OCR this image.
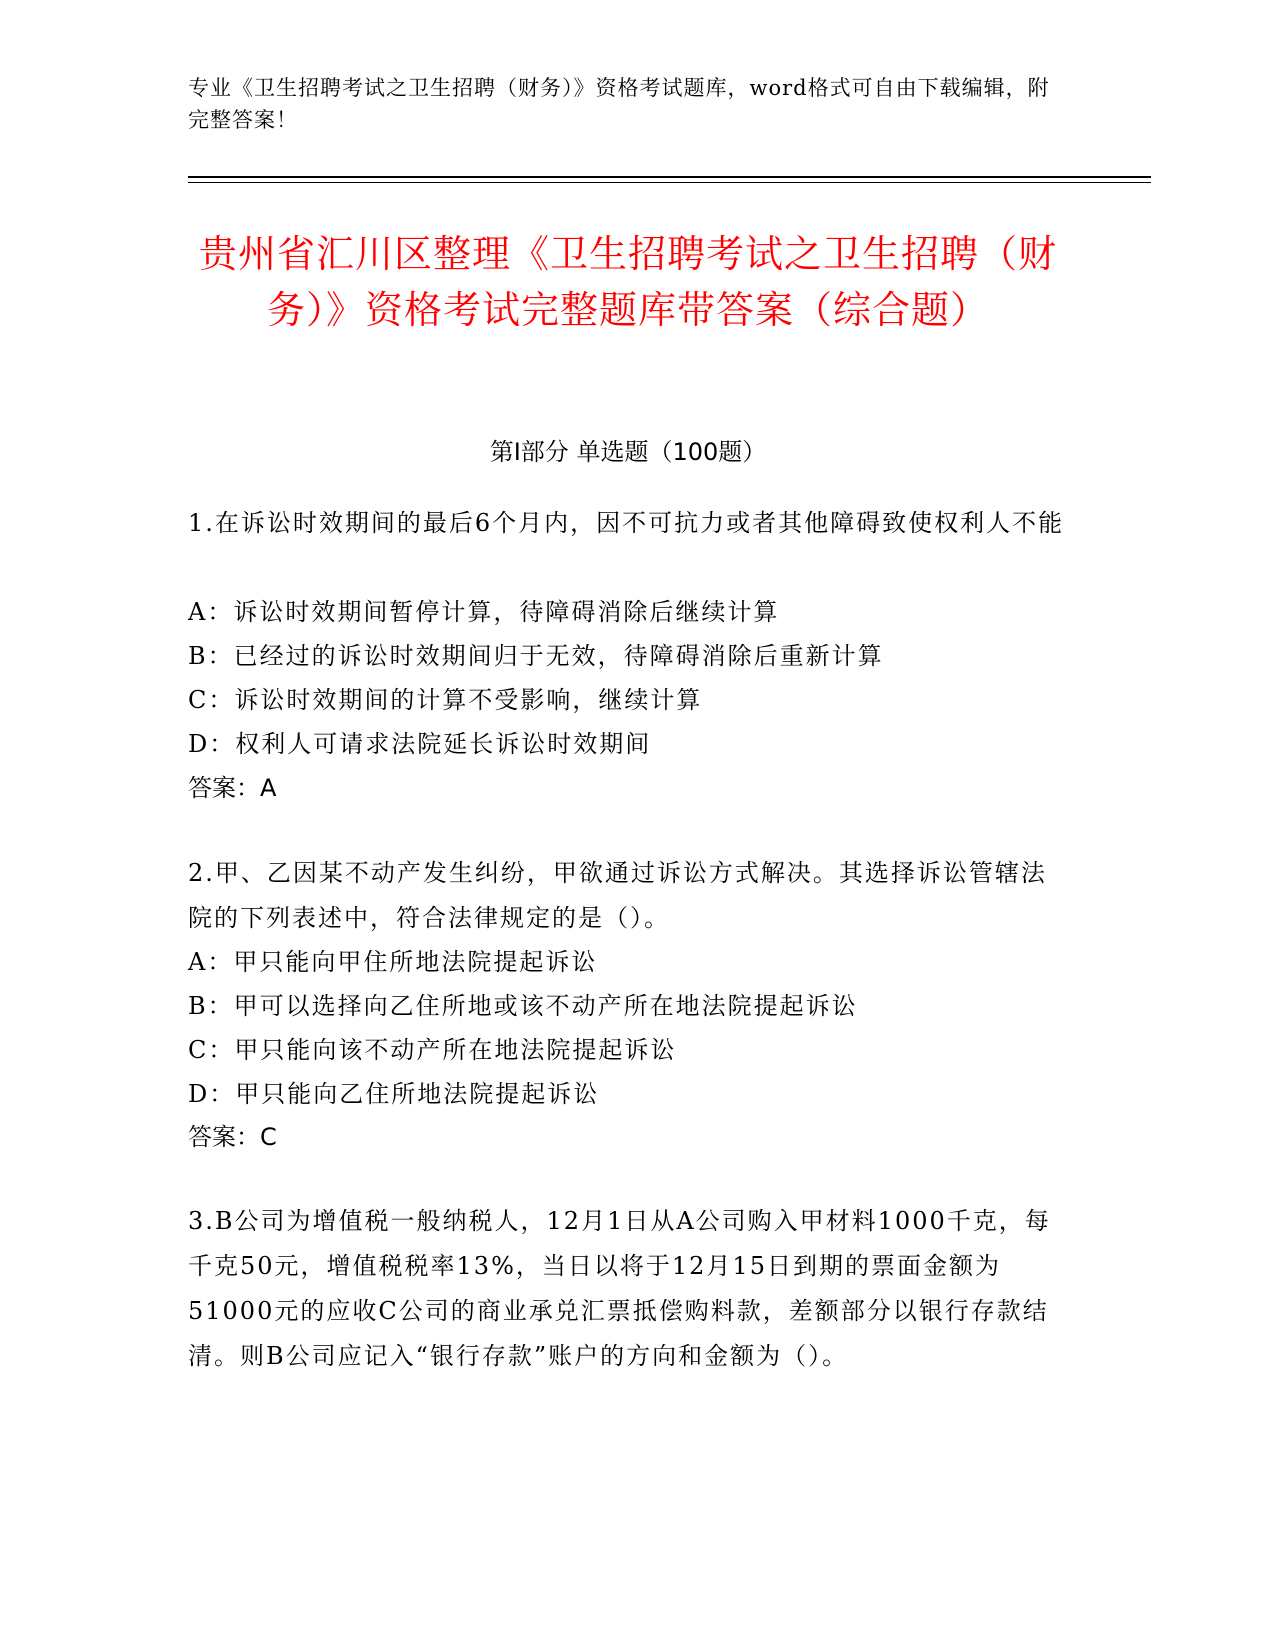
专业《卫生招聘考试之卫生招聘（财务）》资格考试题库，word格式可自由下载编辑，附完整答案！
贵州省汇川区整理《卫生招聘考试之卫生招聘（财务）》资格考试完整题库带答案（综合题）
第Ⅰ部分 单选题（100题）

1.在诉讼时效期间的最后6个月内，因不可抗力或者其他障碍致使权利人不能

A：诉讼时效期间暂停计算，待障碍消除后继续计算

B：已经过的诉讼时效期间归于无效，待障碍消除后重新计算

C：诉讼时效期间的计算不受影响，继续计算

D：权利人可请求法院延长诉讼时效期间

答案：A

2.甲、乙因某不动产发生纠纷，甲欲通过诉讼方式解决。其选择诉讼管辖法院的下列表述中，符合法律规定的是（）。

A：甲只能向甲住所地法院提起诉讼

B：甲可以选择向乙住所地或该不动产所在地法院提起诉讼

C：甲只能向该不动产所在地法院提起诉讼

D：甲只能向乙住所地法院提起诉讼

答案：C

3.B公司为增值税一般纳税人，12月1日从A公司购入甲材料1000千克，每千克50元，增值税税率13%，当日以将于12月15日到期的票面金额为51000元的应收C公司的商业承兑汇票抵偿购料款，差额部分以银行存款结清。则B公司应记入“银行存款”账户的方向和金额为（）。
